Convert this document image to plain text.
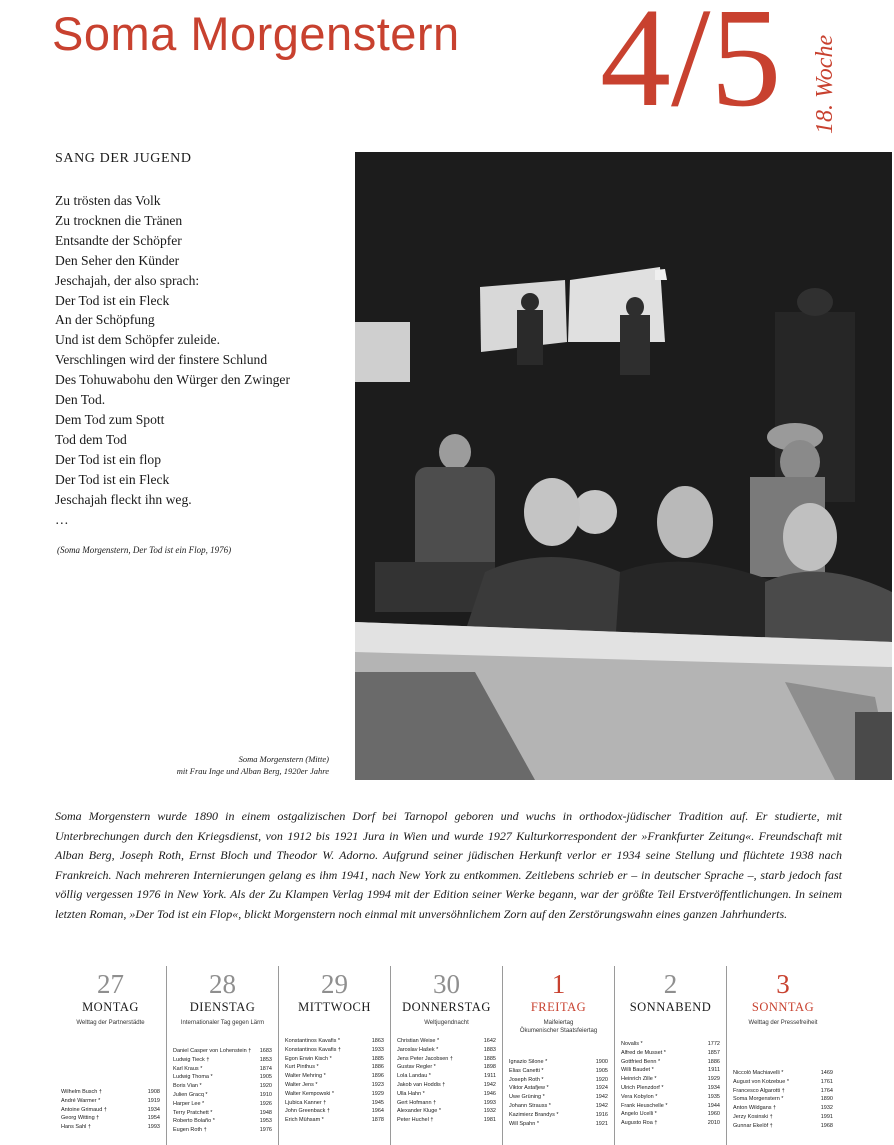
Soma Morgenstern 4/5 18. Woche
SANG DER JUGEND
Zu trösten das Volk
Zu trocknen die Tränen
Entsandte der Schöpfer
Den Seher den Künder
Jeschajah, der also sprach:
Der Tod ist ein Fleck
An der Schöpfung
Und ist dem Schöpfer zuleide.
Verschlingen wird der finstere Schlund
Des Tohuwabohu den Würger den Zwinger
Den Tod.
Dem Tod zum Spott
Tod dem Tod
Der Tod ist ein flop
Der Tod ist ein Fleck
Jeschajah fleckt ihn weg.
…
(Soma Morgenstern, Der Tod ist ein Flop, 1976)
Soma Morgenstern (Mitte)
mit Frau Inge und Alban Berg, 1920er Jahre
Soma Morgenstern wurde 1890 in einem ostgalizischen Dorf bei Tarnopol geboren und wuchs in orthodox-jüdischer Tradition auf. Er studierte, mit Unterbrechungen durch den Kriegsdienst, von 1912 bis 1921 Jura in Wien und wurde 1927 Kulturkorrespondent der »Frankfurter Zeitung«. Freundschaft mit Alban Berg, Joseph Roth, Ernst Bloch und Theodor W. Adorno. Aufgrund seiner jüdischen Herkunft verlor er 1934 seine Stellung und flüchtete 1938 nach Frankreich. Nach mehreren Internierungen gelang es ihm 1941, nach New York zu entkommen. Zeitlebens schrieb er – in deutscher Sprache –, starb jedoch fast völlig vergessen 1976 in New York. Als der Zu Klampen Verlag 1994 mit der Edition seiner Werke begann, war der größte Teil Erstveröffentlichungen. In seinem letzten Roman, »Der Tod ist ein Flop«, blickt Morgenstern noch einmal mit unversöhnlichem Zorn auf den Zerstörungswahn eines ganzen Jahrhunderts.
27
MONTAG
Welttag der Partnerstädte
Wilhelm Busch †	1908
André Warmer *	1919
Antoine Grimaud †	1934
Georg Witting †	1954
Hans Sahl †	1993
28
DIENSTAG
Internationaler Tag gegen Lärm
Daniel Casper von Lohenstein † 1683
Ludwig Tieck †	1853
Karl Kraus *	1874
Ludwig Thoma *	1905
Boris Vian *	1920
Julien Gracq *	1910
Harper Lee *	1926
Terry Pratchett *	1948
Roberto Bolaño *	1953
Eugen Roth †	1976
29
MITTWOCH
Konstantinos Kavafis *	1863
Konstantinos Kavafis †	1933
Egon Erwin Kisch *	1885
Kurt Pinthus *	1886
Walter Mehring *	1896
Walter Jens *	1923
Walter Kempowski *	1929
Ljubica Kanner †	1945
John Greenback †	1964
Erich Mühsam *	1878
30
DONNERSTAG
Weltjugendnacht
Christian Weise *	1642
Jaroslav Hašek *	1883
Jens Peter Jacobsen †	1885
Gustav Regler *	1898
Lola Landau *	1911
Jakob van Hoddis †	1942
Ulla Hahn *	1946
Gert Hofmann †	1993
Alexander Kluge *	1932
Peter Huchel †	1981
1
FREITAG
Maifeiertag
Ökumenischer Staatsfeiertag
Ignazio Silone *	1900
Elias Canetti *	1905
Joseph Roth *	1920
Viktor Astafjew *	1924
Uwe Grüning *	1942
Johann Strauss *	1942
Kazimierz Brandys *	1916
Will Spahn *	1921
2
SONNABEND
Novalis *	1772
Alfred de Musset *	1857
Gottfried Benn *	1886
Willi Baudet *	1911
Heinrich Zille *	1929
Ulrich Plenzdorf *	1934
Vera Kobylon *	1935
Frank Heuschelle *	1944
Angelo Ucelli *	1960
Augusto Roa †	2010
3
SONNTAG
Welttag der Pressefreiheit
Niccolò Machiavelli *	1469
August von Kotzebue *	1761
Francesco Algarotti †	1764
Soma Morgenstern *	1890
Anton Wildgans †	1932
Jerzy Kosinski †	1991
Gunnar Ekelöf †	1968
